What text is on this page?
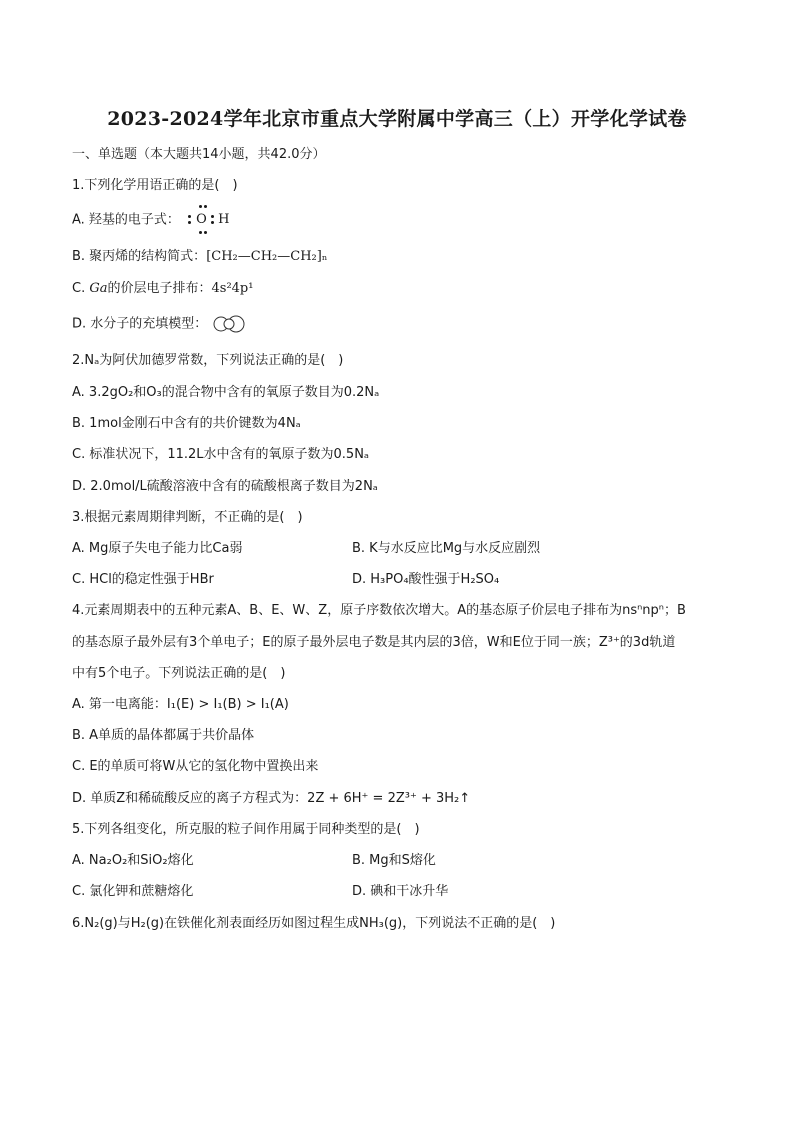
2023-2024学年北京市重点大学附属中学高三（上）开学化学试卷
一、单选题（本大题共14小题，共42.0分）
1.下列化学用语正确的是(　)
A. 羟基的电子式： O H
B. 聚丙烯的结构简式：[CH₂—CH₂—CH₂]ₙ
C. Ga的价层电子排布：4s²4p¹
D. 水分子的充填模型：
2.Nₐ为阿伏加德罗常数，下列说法正确的是(　)
A. 3.2gO₂和O₃的混合物中含有的氧原子数目为0.2Nₐ
B. 1mol金刚石中含有的共价键数为4Nₐ
C. 标准状况下，11.2L水中含有的氧原子数为0.5Nₐ
D. 2.0mol/L硫酸溶液中含有的硫酸根离子数目为2Nₐ
3.根据元素周期律判断，不正确的是(　)
A. Mg原子失电子能力比Ca弱	B. K与水反应比Mg与水反应剧烈
C. HCl的稳定性强于HBr	D. H₃PO₄酸性强于H₂SO₄
4.元素周期表中的五种元素A、B、E、W、Z，原子序数依次增大。A的基态原子价层电子排布为nsⁿnpⁿ；B
的基态原子最外层有3个单电子；E的原子最外层电子数是其内层的3倍，W和E位于同一族；Z³⁺的3d轨道
中有5个电子。下列说法正确的是(　)
A. 第一电离能：I₁(E) > I₁(B) > I₁(A)
B. A单质的晶体都属于共价晶体
C. E的单质可将W从它的氢化物中置换出来
D. 单质Z和稀硫酸反应的离子方程式为：2Z + 6H⁺ = 2Z³⁺ + 3H₂↑
5.下列各组变化，所克服的粒子间作用属于同种类型的是(　)
A. Na₂O₂和SiO₂熔化	B. Mg和S熔化
C. 氯化钾和蔗糖熔化	D. 碘和干冰升华
6.N₂(g)与H₂(g)在铁催化剂表面经历如图过程生成NH₃(g)，下列说法不正确的是(　)
